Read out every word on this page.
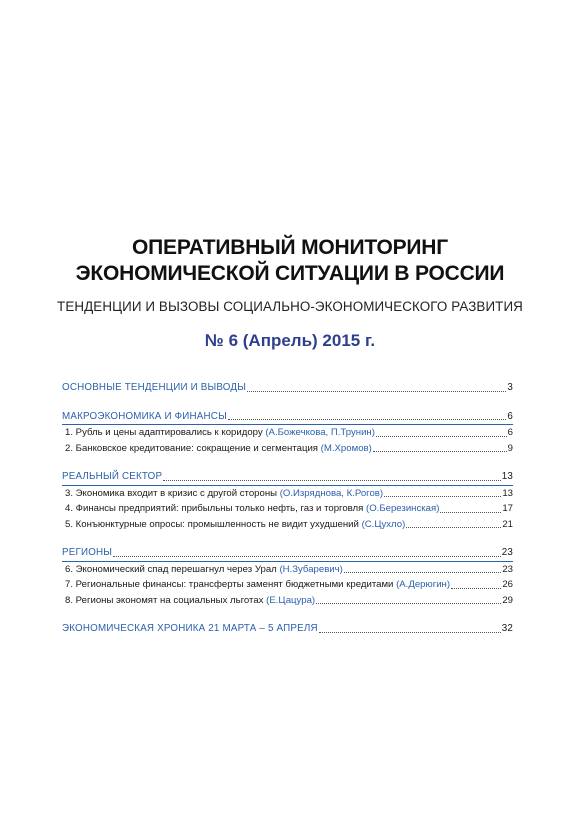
ОПЕРАТИВНЫЙ МОНИТОРИНГ
ЭКОНОМИЧЕСКОЙ СИТУАЦИИ В РОССИИ
ТЕНДЕНЦИИ И ВЫЗОВЫ СОЦИАЛЬНО-ЭКОНОМИЧЕСКОГО РАЗВИТИЯ
№ 6 (Апрель) 2015 г.
ОСНОВНЫЕ ТЕНДЕНЦИИ И ВЫВОДЫ	3
МАКРОЭКОНОМИКА И ФИНАНСЫ	6
1. Рубль и цены адаптировались к коридору (А.Божечкова, П.Трунин)	6
2. Банковское кредитование: сокращение и сегментация (М.Хромов)	9
РЕАЛЬНЫЙ СЕКТОР	13
3. Экономика входит в кризис с другой стороны (О.Изряднова, К.Рогов)	13
4. Финансы предприятий: прибыльны только нефть, газ и торговля (О.Березинская)	17
5. Конъюнктурные опросы: промышленность не видит ухудшений (С.Цухло)	21
РЕГИОНЫ	23
6. Экономический спад перешагнул через Урал (Н.Зубаревич)	23
7. Региональные финансы: трансферты заменят бюджетными кредитами (А.Дерюгин)	26
8. Регионы экономят на социальных льготах (Е.Цацура)	29
ЭКОНОМИЧЕСКАЯ ХРОНИКА 21 МАРТА – 5 АПРЕЛЯ	32
